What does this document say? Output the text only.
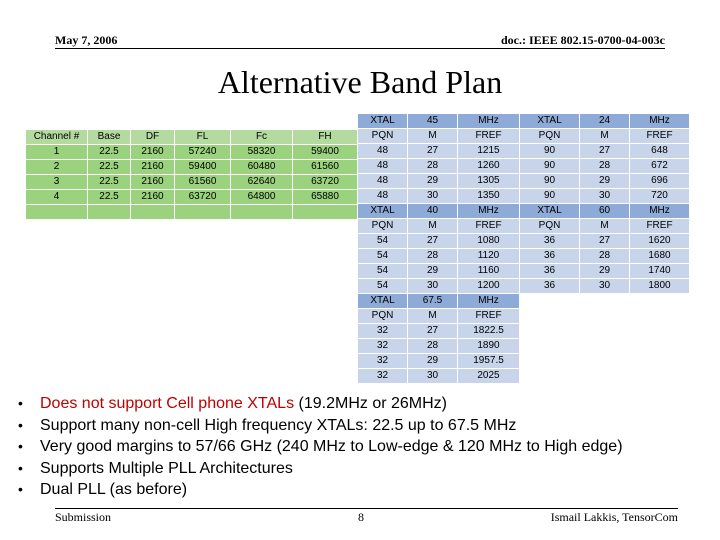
May 7, 2006	doc.: IEEE 802.15-0700-04-003c
Alternative Band Plan
Channel #	Base	DF	FL	Fc	FH
1	22.5	2160	57240	58320	59400
2	22.5	2160	59400	60480	61560
3	22.5	2160	61560	62640	63720
4	22.5	2160	63720	64800	65880

XTAL	45	MHz	XTAL	24	MHz
PQN	M	FREF	PQN	M	FREF
48	27	1215	90	27	648
48	28	1260	90	28	672
48	29	1305	90	29	696
48	30	1350	90	30	720
XTAL	40	MHz	XTAL	60	MHz
PQN	M	FREF	PQN	M	FREF
54	27	1080	36	27	1620
54	28	1120	36	28	1680
54	29	1160	36	29	1740
54	30	1200	36	30	1800
XTAL	67.5	MHz
PQN	M	FREF
32	27	1822.5
32	28	1890
32	29	1957.5
32	30	2025
• Does not support Cell phone XTALs (19.2MHz or 26MHz)
• Support many non-cell High frequency XTALs: 22.5 up to 67.5 MHz
• Very good margins to 57/66 GHz (240 MHz to Low-edge & 120 MHz to High edge)
• Supports Multiple PLL Architectures
• Dual PLL (as before)
Submission	8	Ismail Lakkis, TensorCom
